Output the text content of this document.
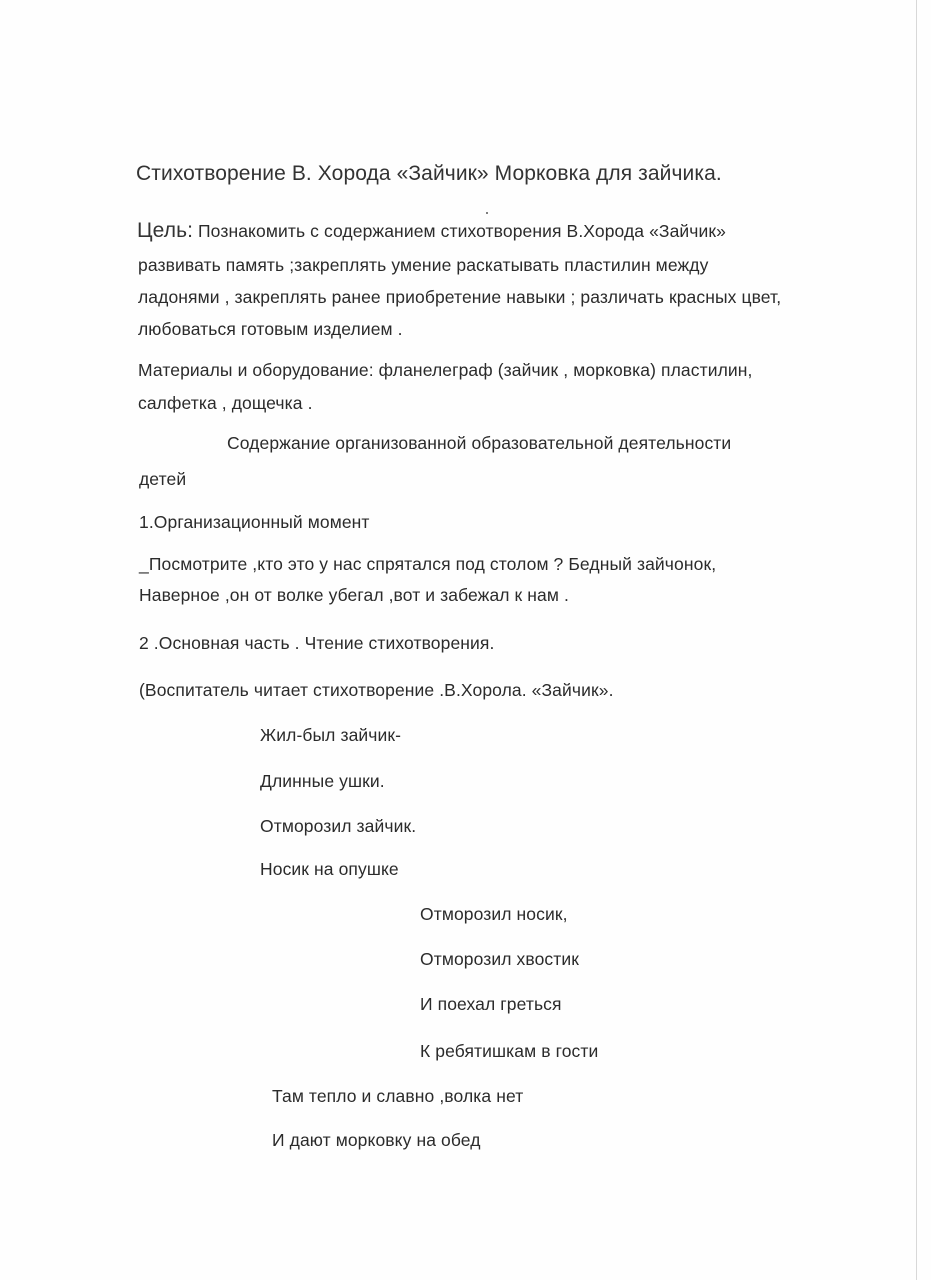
Стихотворение В. Хорода «Зайчик» Морковка для зайчика.
Цель: Познакомить с содержанием стихотворения В.Хорода «Зайчик»
развивать память ;закреплять умение раскатывать пластилин между
ладонями , закреплять ранее приобретение навыки ; различать красных цвет,
любоваться готовым изделием .
Материалы и оборудование: фланелеграф (зайчик , морковка) пластилин,
салфетка , дощечка .
Содержание организованной образовательной деятельности
детей
1.Организационный момент
_Посмотрите ,кто это у нас спрятался под столом ? Бедный зайчонок,
Наверное ,он от волке убегал ,вот и забежал к нам .
2 .Основная часть . Чтение стихотворения.
(Воспитатель читает стихотворение .В.Хорола. «Зайчик».
Жил-был зайчик-
Длинные ушки.
Отморозил зайчик.
Носик на опушке
Отморозил носик,
Отморозил хвостик
И поехал греться
К ребятишкам в гости
Там тепло и славно ,волка нет
И дают морковку на обед
